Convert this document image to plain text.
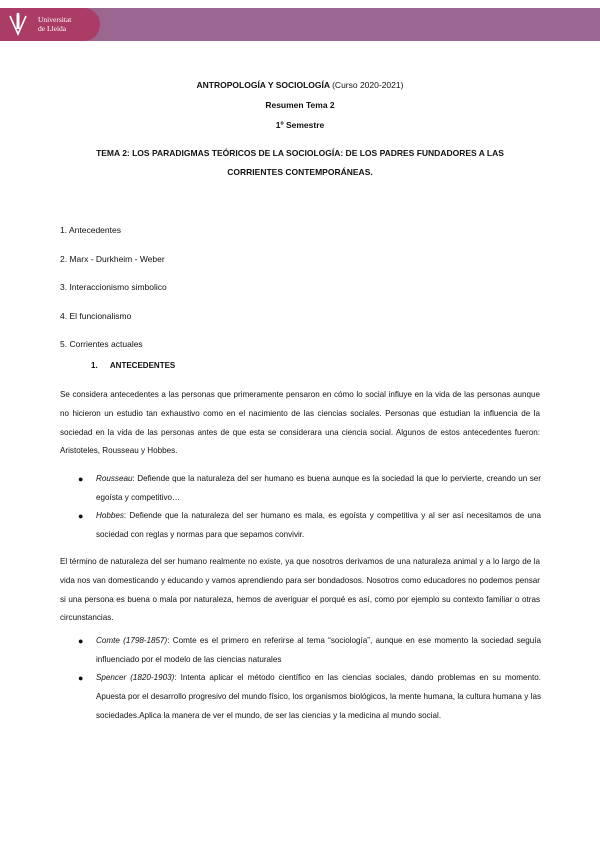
Universitat
de Lleida
ANTROPOLOGÍA Y SOCIOLOGÍA (Curso 2020-2021)
Resumen Tema 2
1º Semestre
TEMA 2: LOS PARADIGMAS TEÓRICOS DE LA SOCIOLOGÍA: DE LOS PADRES FUNDADORES A LAS
CORRIENTES CONTEMPORÁNEAS.
1. Antecedentes
2. Marx - Durkheim - Weber
3. Interaccionismo simbolico
4. El funcionalismo
5. Corrientes actuales
1. ANTECEDENTES
Se considera antecedentes a las personas que primeramente pensaron en cómo lo social influye en la vida de las personas aunque no hicieron un estudio tan exhaustivo como en el nacimiento de las ciencias sociales. Personas que estudian la influencia de la sociedad en la vida de las personas antes de que esta se considerara una ciencia social. Algunos de estos antecedentes fueron: Aristoteles, Rousseau y Hobbes.
● Rousseau: Defiende que la naturaleza del ser humano es buena aunque es la sociedad la que lo pervierte, creando un ser egoísta y competitivo…
● Hobbes: Defiende que la naturaleza del ser humano es mala, es egoísta y competitiva y al ser así necesitamos de una sociedad con reglas y normas para que sepamos convivir.
El término de naturaleza del ser humano realmente no existe, ya que nosotros derivamos de una naturaleza animal y a lo largo de la vida nos van domesticando y educando y vamos aprendiendo para ser bondadosos. Nosotros como educadores no podemos pensar si una persona es buena o mala por naturaleza, hemos de averiguar el porqué es así, como por ejemplo su contexto familiar o otras circunstancias.
● Comte (1798-1857): Comte es el primero en referirse al tema “sociología”, aunque en ese momento la sociedad seguía influenciado por el modelo de las ciencias naturales
● Spencer (1820-1903): Intenta aplicar el método científico en las ciencias sociales, dando problemas en su momento. Apuesta por el desarrollo progresivo del mundo físico, los organismos biológicos, la mente humana, la cultura humana y las sociedades.Aplica la manera de ver el mundo, de ser las ciencias y la medicina al mundo social.
